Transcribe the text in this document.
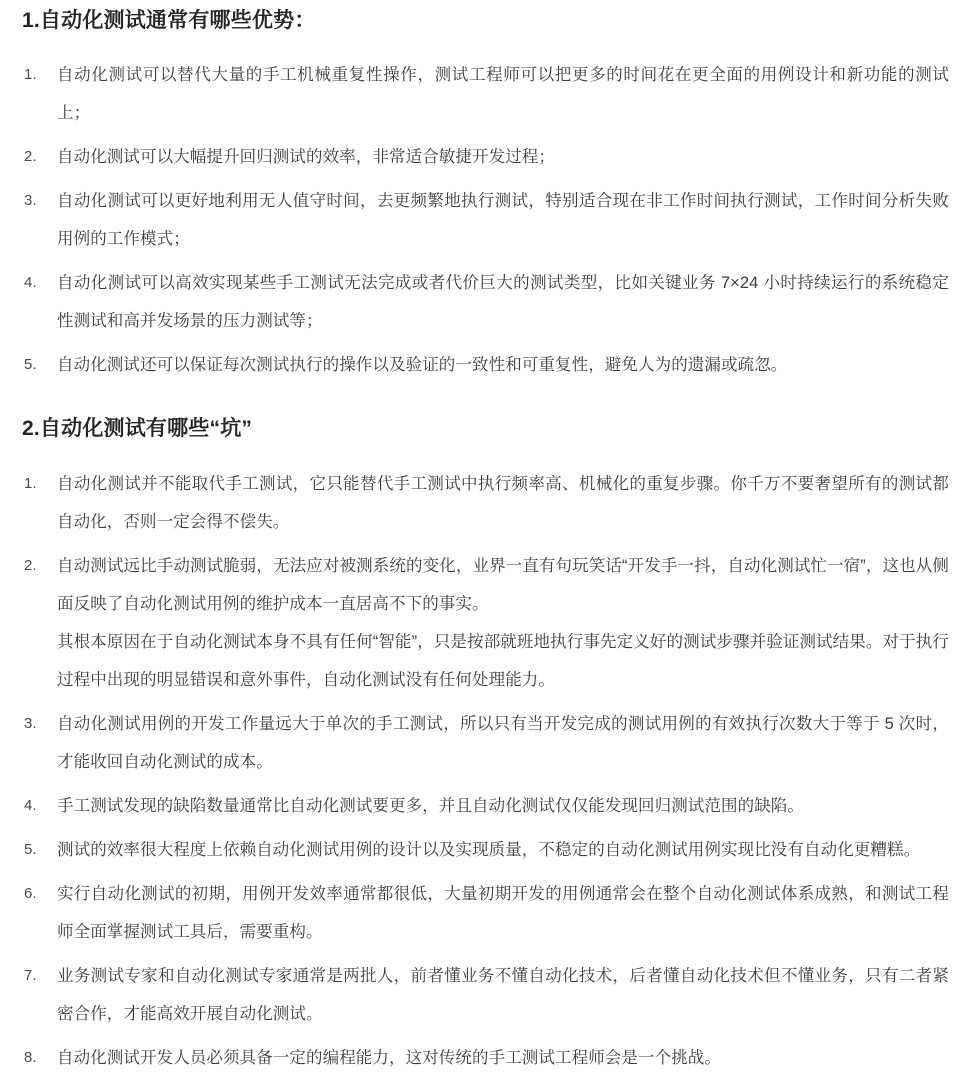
1.自动化测试通常有哪些优势：
1.	自动化测试可以替代大量的手工机械重复性操作，测试工程师可以把更多的时间花在更全面的用例设计和新功能的测试上；
2.	自动化测试可以大幅提升回归测试的效率，非常适合敏捷开发过程；
3.	自动化测试可以更好地利用无人值守时间，去更频繁地执行测试，特别适合现在非工作时间执行测试，工作时间分析失败用例的工作模式；
4.	自动化测试可以高效实现某些手工测试无法完成或者代价巨大的测试类型，比如关键业务 7×24 小时持续运行的系统稳定性测试和高并发场景的压力测试等；
5.	自动化测试还可以保证每次测试执行的操作以及验证的一致性和可重复性，避免人为的遗漏或疏忽。
2.自动化测试有哪些“坑”
1.	自动化测试并不能取代手工测试，它只能替代手工测试中执行频率高、机械化的重复步骤。你千万不要奢望所有的测试都自动化，否则一定会得不偿失。
2.	自动测试远比手动测试脆弱，无法应对被测系统的变化，业界一直有句玩笑话“开发手一抖，自动化测试忙一宿”，这也从侧面反映了自动化测试用例的维护成本一直居高不下的事实。
其根本原因在于自动化测试本身不具有任何“智能”，只是按部就班地执行事先定义好的测试步骤并验证测试结果。对于执行过程中出现的明显错误和意外事件，自动化测试没有任何处理能力。
3.	自动化测试用例的开发工作量远大于单次的手工测试，所以只有当开发完成的测试用例的有效执行次数大于等于 5 次时，才能收回自动化测试的成本。
4.	手工测试发现的缺陷数量通常比自动化测试要更多，并且自动化测试仅仅能发现回归测试范围的缺陷。
5.	测试的效率很大程度上依赖自动化测试用例的设计以及实现质量，不稳定的自动化测试用例实现比没有自动化更糟糕。
6.	实行自动化测试的初期，用例开发效率通常都很低，大量初期开发的用例通常会在整个自动化测试体系成熟，和测试工程师全面掌握测试工具后，需要重构。
7.	业务测试专家和自动化测试专家通常是两批人，前者懂业务不懂自动化技术，后者懂自动化技术但不懂业务，只有二者紧密合作，才能高效开展自动化测试。
8.	自动化测试开发人员必须具备一定的编程能力，这对传统的手工测试工程师会是一个挑战。
